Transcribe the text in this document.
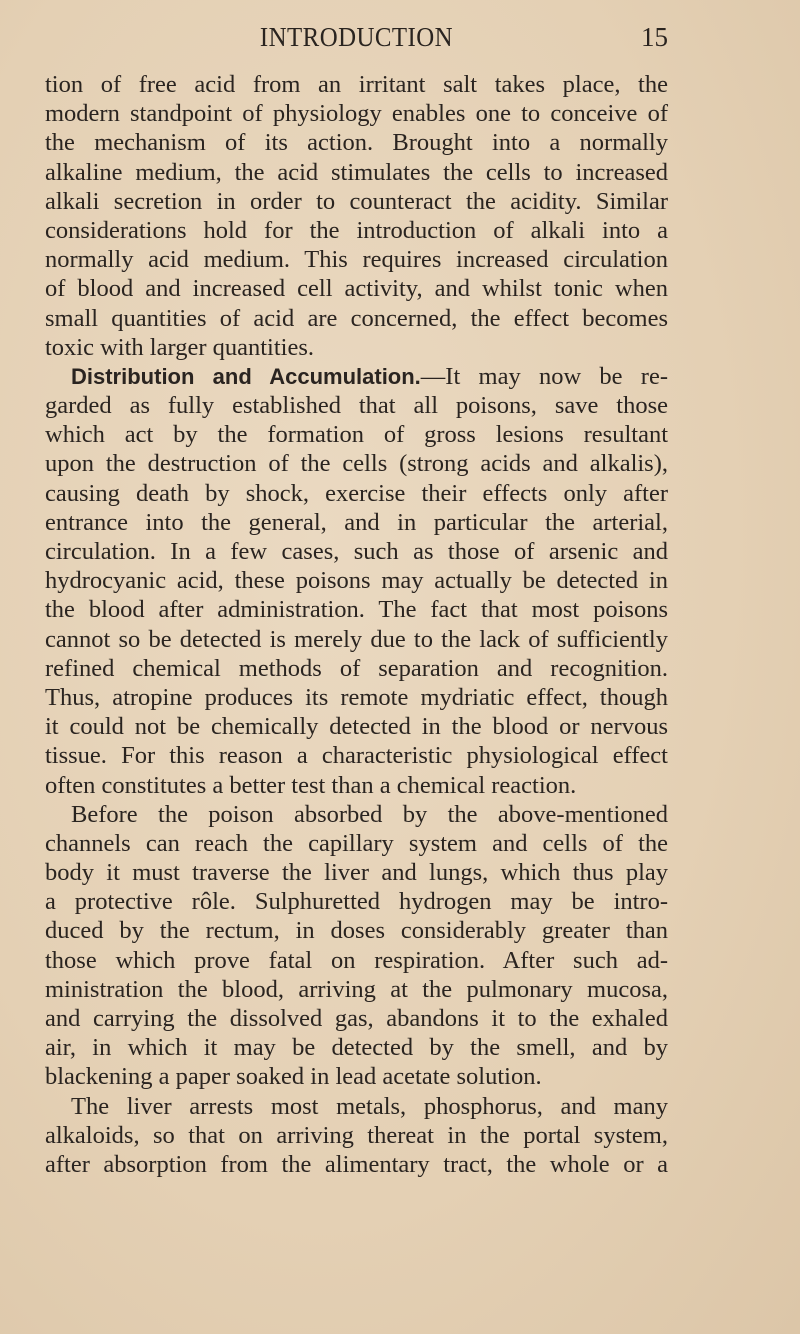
INTRODUCTION	15
tion of free acid from an irritant salt takes place, the
modern standpoint of physiology enables one to conceive of
the mechanism of its action. Brought into a normally
alkaline medium, the acid stimulates the cells to increased
alkali secretion in order to counteract the acidity. Similar
considerations hold for the introduction of alkali into a
normally acid medium. This requires increased circulation
of blood and increased cell activity, and whilst tonic when
small quantities of acid are concerned, the effect becomes
toxic with larger quantities.
Distribution and Accumulation.—It may now be re-
garded as fully established that all poisons, save those
which act by the formation of gross lesions resultant
upon the destruction of the cells (strong acids and alkalis),
causing death by shock, exercise their effects only after
entrance into the general, and in particular the arterial,
circulation. In a few cases, such as those of arsenic and
hydrocyanic acid, these poisons may actually be detected in
the blood after administration. The fact that most poisons
cannot so be detected is merely due to the lack of sufficiently
refined chemical methods of separation and recognition.
Thus, atropine produces its remote mydriatic effect, though
it could not be chemically detected in the blood or nervous
tissue. For this reason a characteristic physiological effect
often constitutes a better test than a chemical reaction.
Before the poison absorbed by the above-mentioned
channels can reach the capillary system and cells of the
body it must traverse the liver and lungs, which thus play
a protective rôle. Sulphuretted hydrogen may be intro-
duced by the rectum, in doses considerably greater than
those which prove fatal on respiration. After such ad-
ministration the blood, arriving at the pulmonary mucosa,
and carrying the dissolved gas, abandons it to the exhaled
air, in which it may be detected by the smell, and by
blackening a paper soaked in lead acetate solution.
The liver arrests most metals, phosphorus, and many
alkaloids, so that on arriving thereat in the portal system,
after absorption from the alimentary tract, the whole or a
